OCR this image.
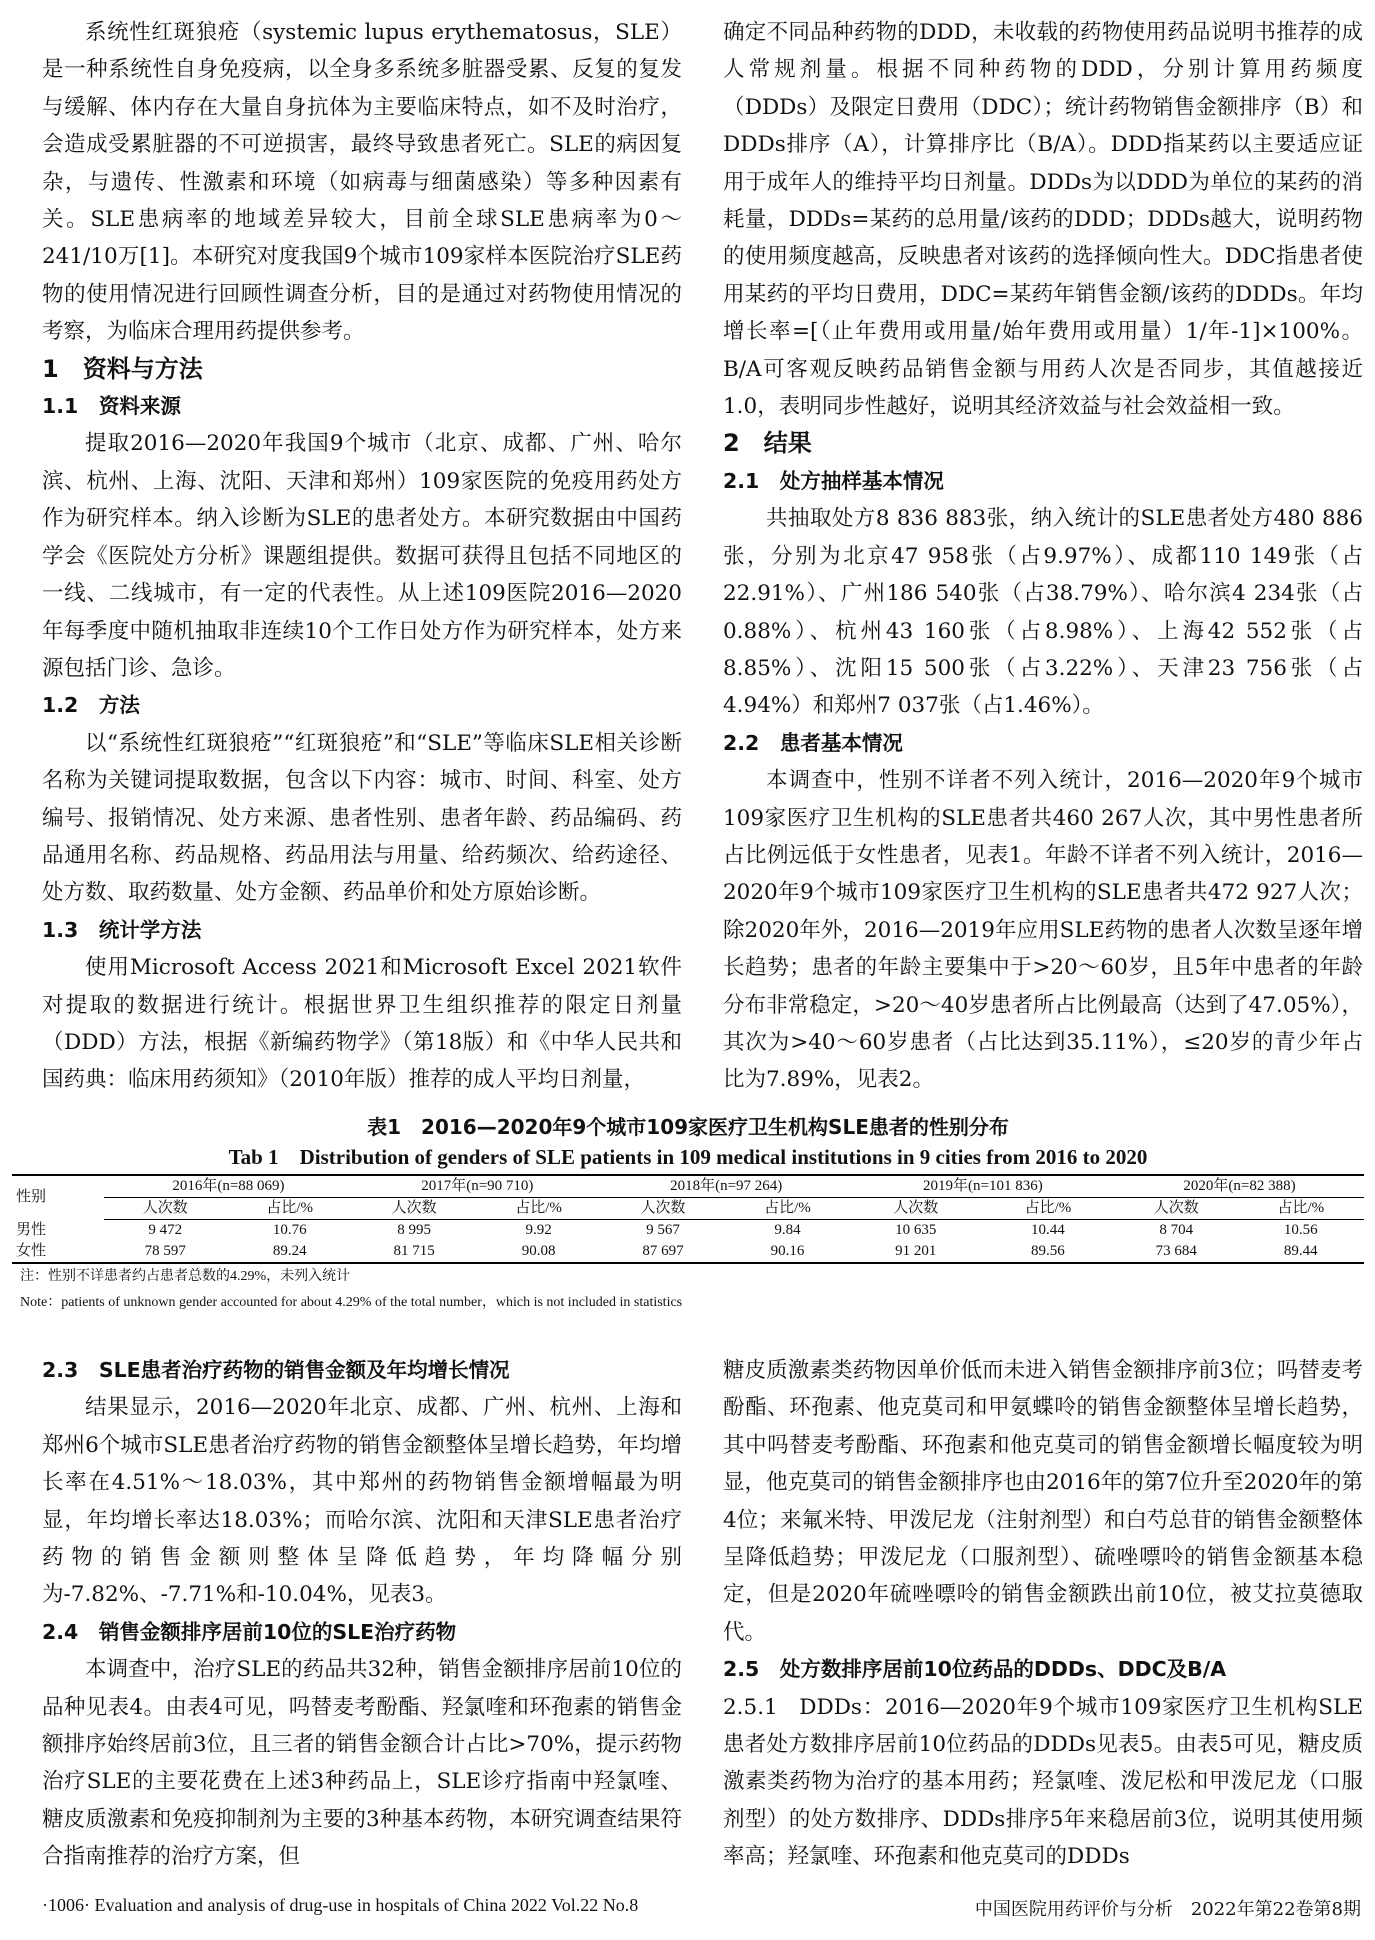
系统性红斑狼疮（systemic lupus erythematosus，SLE）是一种系统性自身免疫病，以全身多系统多脏器受累、反复的复发与缓解、体内存在大量自身抗体为主要临床特点，如不及时治疗，会造成受累脏器的不可逆损害，最终导致患者死亡。SLE的病因复杂，与遗传、性激素和环境（如病毒与细菌感染）等多种因素有关。SLE患病率的地域差异较大，目前全球SLE患病率为0～241/10万[1]。本研究对度我国9个城市109家样本医院治疗SLE药物的使用情况进行回顾性调查分析，目的是通过对药物使用情况的考察，为临床合理用药提供参考。

1 资料与方法

1.1 资料来源

提取2016—2020年我国9个城市（北京、成都、广州、哈尔滨、杭州、上海、沈阳、天津和郑州）109家医院的免疫用药处方作为研究样本。纳入诊断为SLE的患者处方。本研究数据由中国药学会《医院处方分析》课题组提供。数据可获得且包括不同地区的一线、二线城市，有一定的代表性。从上述109医院2016—2020年每季度中随机抽取非连续10个工作日处方作为研究样本，处方来源包括门诊、急诊。

1.2 方法

以“系统性红斑狼疮”“红斑狼疮”和“SLE”等临床SLE相关诊断名称为关键词提取数据，包含以下内容：城市、时间、科室、处方编号、报销情况、处方来源、患者性别、患者年龄、药品编码、药品通用名称、药品规格、药品用法与用量、给药频次、给药途径、处方数、取药数量、处方金额、药品单价和处方原始诊断。

1.3 统计学方法

使用Microsoft Access 2021和Microsoft Excel 2021软件对提取的数据进行统计。根据世界卫生组织推荐的限定日剂量（DDD）方法，根据《新编药物学》（第18版）和《中华人民共和国药典：临床用药须知》（2010年版）推荐的成人平均日剂量，

确定不同品种药物的DDD，未收载的药物使用药品说明书推荐的成人常规剂量。根据不同种药物的DDD，分别计算用药频度（DDDs）及限定日费用（DDC）；统计药物销售金额排序（B）和DDDs排序（A），计算排序比（B/A）。DDD指某药以主要适应证用于成年人的维持平均日剂量。DDDs为以DDD为单位的某药的消耗量，DDDs=某药的总用量/该药的DDD；DDDs越大，说明药物的使用频度越高，反映患者对该药的选择倾向性大。DDC指患者使用某药的平均日费用，DDC=某药年销售金额/该药的DDDs。年均增长率=[（止年费用或用量/始年费用或用量）1/年-1]×100%。B/A可客观反映药品销售金额与用药人次是否同步，其值越接近1.0，表明同步性越好，说明其经济效益与社会效益相一致。

2 结果

2.1 处方抽样基本情况

共抽取处方8 836 883张，纳入统计的SLE患者处方480 886张，分别为北京47 958张（占9.97%）、成都110 149张（占22.91%）、广州186 540张（占38.79%）、哈尔滨4 234张（占0.88%）、杭州43 160张（占8.98%）、上海42 552张（占8.85%）、沈阳15 500张（占3.22%）、天津23 756张（占4.94%）和郑州7 037张（占1.46%）。

2.2 患者基本情况

本调查中，性别不详者不列入统计，2016—2020年9个城市109家医疗卫生机构的SLE患者共460 267人次，其中男性患者所占比例远低于女性患者，见表1。年龄不详者不列入统计，2016—2020年9个城市109家医疗卫生机构的SLE患者共472 927人次；除2020年外，2016—2019年应用SLE药物的患者人次数呈逐年增长趋势；患者的年龄主要集中于>20～60岁，且5年中患者的年龄分布非常稳定，>20～40岁患者所占比例最高（达到了47.05%），其次为>40～60岁患者（占比达到35.11%），≤20岁的青少年占比为7.89%，见表2。

表1　2016—2020年9个城市109家医疗卫生机构SLE患者的性别分布

Tab 1　Distribution of genders of SLE patients in 109 medical institutions in 9 cities from 2016 to 2020

性别	2016年(n=88 069)		2017年(n=90 710)		2018年(n=97 264)		2019年(n=101 836)		2020年(n=82 388)	
	人次数	占比/%	人次数	占比/%	人次数	占比/%	人次数	占比/%	人次数	占比/%
男性	9 472	10.76	8 995	9.92	9 567	9.84	10 635	10.44	8 704	10.56
女性	78 597	89.24	81 715	90.08	87 697	90.16	91 201	89.56	73 684	89.44

注：性别不详患者约占患者总数的4.29%，未列入统计

Note：patients of unknown gender accounted for about 4.29% of the total number，which is not included in statistics

2.3 SLE患者治疗药物的销售金额及年均增长情况

结果显示，2016—2020年北京、成都、广州、杭州、上海和郑州6个城市SLE患者治疗药物的销售金额整体呈增长趋势，年均增长率在4.51%～18.03%，其中郑州的药物销售金额增幅最为明显，年均增长率达18.03%；而哈尔滨、沈阳和天津SLE患者治疗药物的销售金额则整体呈降低趋势，年均降幅分别为-7.82%、-7.71%和-10.04%，见表3。

2.4 销售金额排序居前10位的SLE治疗药物

本调查中，治疗SLE的药品共32种，销售金额排序居前10位的品种见表4。由表4可见，吗替麦考酚酯、羟氯喹和环孢素的销售金额排序始终居前3位，且三者的销售金额合计占比>70%，提示药物治疗SLE的主要花费在上述3种药品上，SLE诊疗指南中羟氯喹、糖皮质激素和免疫抑制剂为主要的3种基本药物，本研究调查结果符合指南推荐的治疗方案，但

糖皮质激素类药物因单价低而未进入销售金额排序前3位；吗替麦考酚酯、环孢素、他克莫司和甲氨蝶呤的销售金额整体呈增长趋势，其中吗替麦考酚酯、环孢素和他克莫司的销售金额增长幅度较为明显，他克莫司的销售金额排序也由2016年的第7位升至2020年的第4位；来氟米特、甲泼尼龙（注射剂型）和白芍总苷的销售金额整体呈降低趋势；甲泼尼龙（口服剂型）、硫唑嘌呤的销售金额基本稳定，但是2020年硫唑嘌呤的销售金额跌出前10位，被艾拉莫德取代。

2.5 处方数排序居前10位药品的DDDs、DDC及B/A

2.5.1 DDDs：2016—2020年9个城市109家医疗卫生机构SLE患者处方数排序居前10位药品的DDDs见表5。由表5可见，糖皮质激素类药物为治疗的基本用药；羟氯喹、泼尼松和甲泼尼龙（口服剂型）的处方数排序、DDDs排序5年来稳居前3位，说明其使用频率高；羟氯喹、环孢素和他克莫司的DDDs

·1006· Evaluation and analysis of drug-use in hospitals of China 2022 Vol.22 No.8	中国医院用药评价与分析　2022年第22卷第8期
